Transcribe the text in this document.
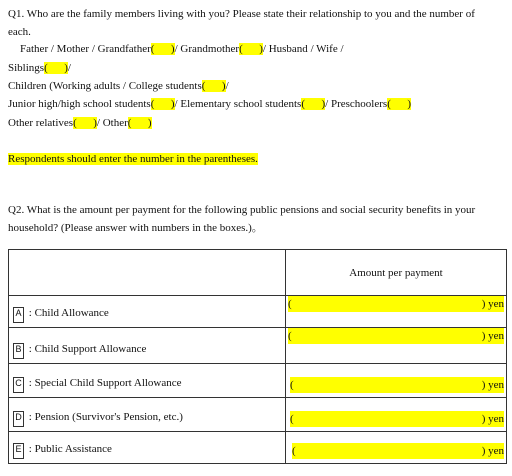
Q1. Who are the family members living with you? Please state their relationship to you and the number of
each.
Father / Mother / Grandfather(      )/ Grandmother(      )/ Husband / Wife /
Siblings(      )/
Children (Working adults / College students(      )/
Junior high/high school students(      )/ Elementary school students(      )/ Preschoolers(      )
Other relatives(      )/ Other(      )
Respondents should enter the number in the parentheses.
Q2. What is the amount per payment for the following public pensions and social security benefits in your
household? (Please answer with numbers in the boxes.)。
	Amount per payment
A : Child Allowance	( ) yen

B : Child Support Allowance	( ) yen

C : Special Child Support Allowance	( ) yen

D : Pension (Survivor's Pension, etc.)	( ) yen

E : Public Assistance	( ) yen
